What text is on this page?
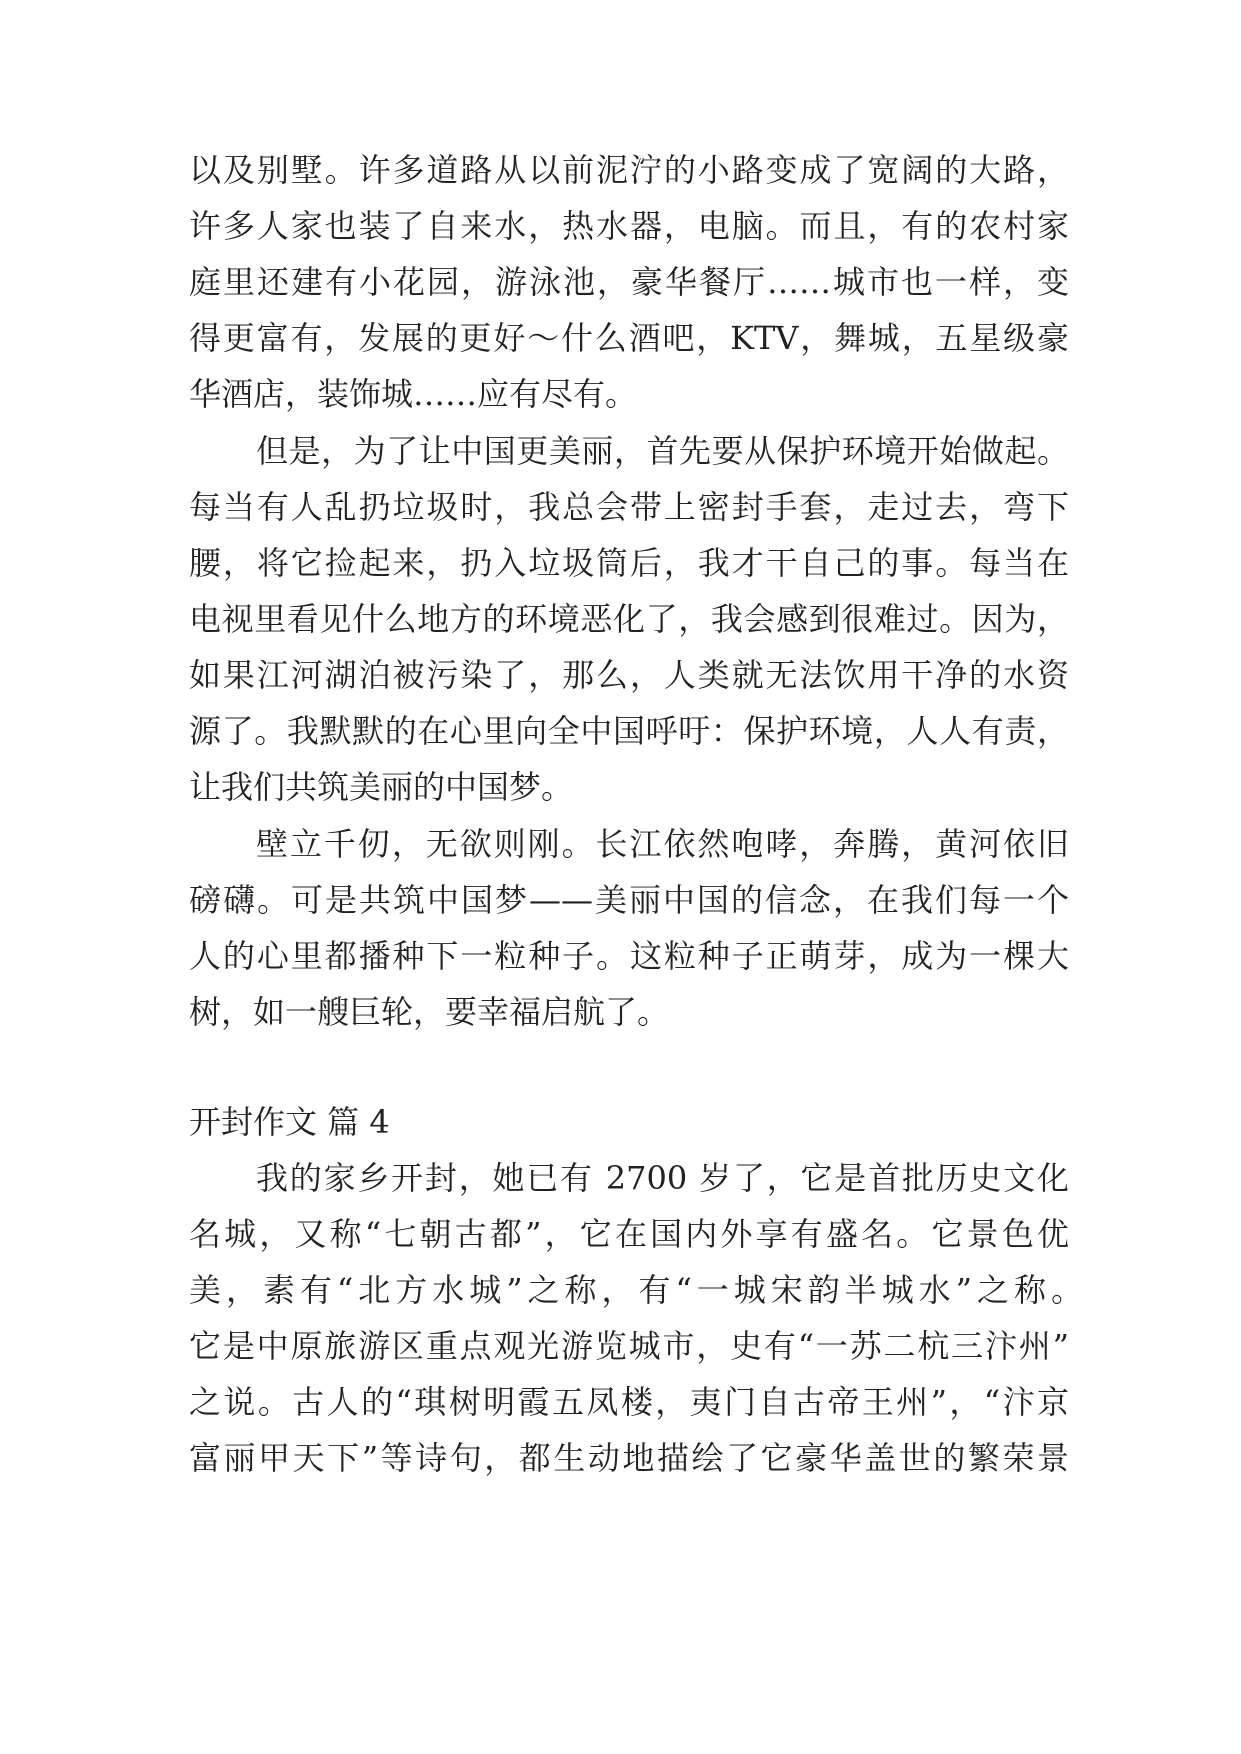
以及别墅。许多道路从以前泥泞的小路变成了宽阔的大路，
许多人家也装了自来水，热水器，电脑。而且，有的农村家
庭里还建有小花园，游泳池，豪华餐厅……城市也一样，变
得更富有，发展的更好～什么酒吧，KTV，舞城，五星级豪
华酒店，装饰城……应有尽有。
但是，为了让中国更美丽，首先要从保护环境开始做起。
每当有人乱扔垃圾时，我总会带上密封手套，走过去，弯下
腰，将它捡起来，扔入垃圾筒后，我才干自己的事。每当在
电视里看见什么地方的环境恶化了，我会感到很难过。因为，
如果江河湖泊被污染了，那么，人类就无法饮用干净的水资
源了。我默默的在心里向全中国呼吁：保护环境，人人有责，
让我们共筑美丽的中国梦。
壁立千仞，无欲则刚。长江依然咆哮，奔腾，黄河依旧
磅礴。可是共筑中国梦——美丽中国的信念，在我们每一个
人的心里都播种下一粒种子。这粒种子正萌芽，成为一棵大
树，如一艘巨轮，要幸福启航了。
开封作文 篇 4
我的家乡开封，她已有 2700 岁了，它是首批历史文化
名城，又称“七朝古都”，它在国内外享有盛名。它景色优
美，素有“北方水城”之称，有“一城宋韵半城水”之称。
它是中原旅游区重点观光游览城市，史有“一苏二杭三汴州”
之说。古人的“琪树明霞五凤楼，夷门自古帝王州”，“汴京
富丽甲天下”等诗句，都生动地描绘了它豪华盖世的繁荣景
